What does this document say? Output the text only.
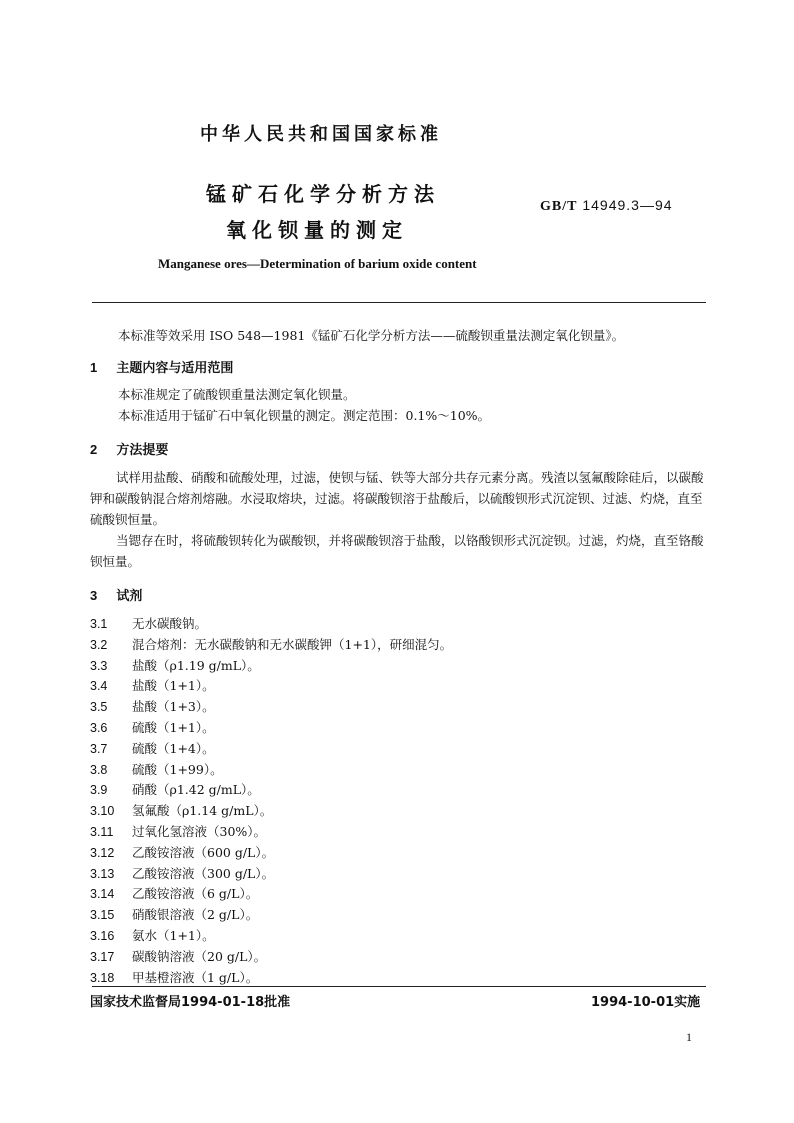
中华人民共和国国家标准
锰矿石化学分析方法
氧化钡量的测定
GB/T 14949.3—94
Manganese ores—Determination of barium oxide content
本标准等效采用 ISO 548—1981《锰矿石化学分析方法——硫酸钡重量法测定氧化钡量》。
1 主题内容与适用范围
本标准规定了硫酸钡重量法测定氧化钡量。
本标准适用于锰矿石中氧化钡量的测定。测定范围：0.1%～10%。
2 方法提要
试样用盐酸、硝酸和硫酸处理，过滤，使钡与锰、铁等大部分共存元素分离。残渣以氢氟酸除硅后，以碳酸钾和碳酸钠混合熔剂熔融。水浸取熔块，过滤。将碳酸钡溶于盐酸后，以硫酸钡形式沉淀钡、过滤、灼烧，直至硫酸钡恒量。
当锶存在时，将硫酸钡转化为碳酸钡，并将碳酸钡溶于盐酸，以铬酸钡形式沉淀钡。过滤，灼烧，直至铬酸钡恒量。
3 试剂
3.1 无水碳酸钠。
3.2 混合熔剂：无水碳酸钠和无水碳酸钾（1+1），研细混匀。
3.3 盐酸（ρ1.19 g/mL）。
3.4 盐酸（1+1）。
3.5 盐酸（1+3）。
3.6 硫酸（1+1）。
3.7 硫酸（1+4）。
3.8 硫酸（1+99）。
3.9 硝酸（ρ1.42 g/mL）。
3.10 氢氟酸（ρ1.14 g/mL）。
3.11 过氧化氢溶液（30%）。
3.12 乙酸铵溶液（600 g/L）。
3.13 乙酸铵溶液（300 g/L）。
3.14 乙酸铵溶液（6 g/L）。
3.15 硝酸银溶液（2 g/L）。
3.16 氨水（1+1）。
3.17 碳酸钠溶液（20 g/L）。
3.18 甲基橙溶液（1 g/L）。
国家技术监督局1994-01-18批准	1994-10-01实施
1
